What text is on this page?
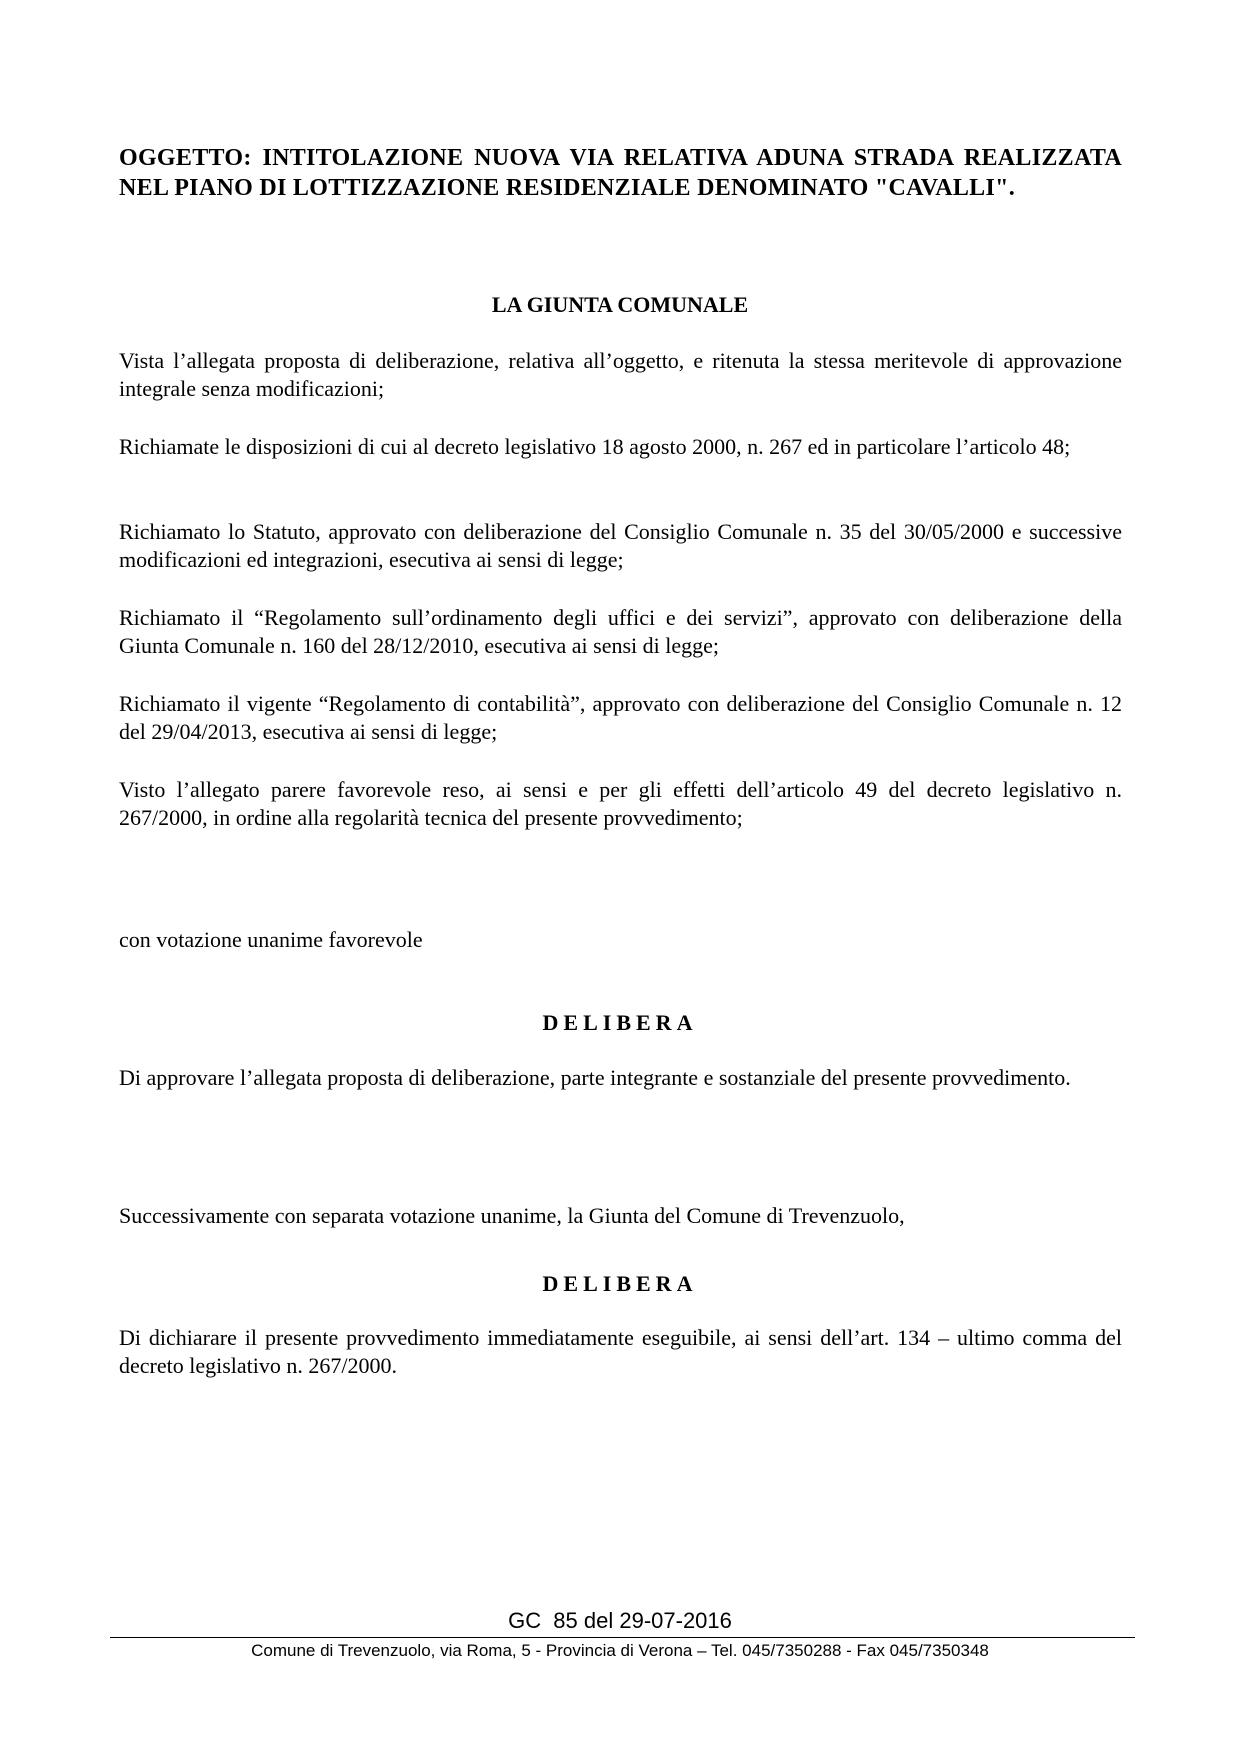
OGGETTO: INTITOLAZIONE NUOVA VIA RELATIVA ADUNA STRADA REALIZZATA NEL PIANO DI LOTTIZZAZIONE RESIDENZIALE DENOMINATO "CAVALLI".
LA GIUNTA COMUNALE
Vista l’allegata proposta di deliberazione, relativa all’oggetto, e ritenuta la stessa meritevole di approvazione integrale senza modificazioni;
Richiamate le disposizioni di cui al decreto legislativo 18 agosto 2000, n. 267 ed in particolare l’articolo 48;
Richiamato lo Statuto, approvato con deliberazione del Consiglio Comunale n. 35 del 30/05/2000 e successive modificazioni ed integrazioni, esecutiva ai sensi di legge;
Richiamato il “Regolamento sull’ordinamento degli uffici e dei servizi”, approvato con deliberazione della Giunta Comunale n. 160 del 28/12/2010, esecutiva ai sensi di legge;
Richiamato il vigente “Regolamento di contabilità”, approvato con deliberazione del Consiglio Comunale n. 12 del 29/04/2013, esecutiva ai sensi di legge;
Visto l’allegato parere favorevole reso, ai sensi e per gli effetti dell’articolo 49 del decreto legislativo n. 267/2000, in ordine alla regolarità tecnica del presente provvedimento;
con votazione unanime favorevole
DELIBERA
Di approvare l’allegata proposta di deliberazione, parte integrante e sostanziale del presente provvedimento.
Successivamente con separata votazione unanime, la Giunta del Comune di Trevenzuolo,
DELIBERA
Di dichiarare il presente provvedimento immediatamente eseguibile, ai sensi dell’art. 134 – ultimo comma del decreto legislativo n. 267/2000.
GC  85 del 29-07-2016
Comune di Trevenzuolo, via Roma, 5 - Provincia di Verona – Tel. 045/7350288 - Fax 045/7350348
